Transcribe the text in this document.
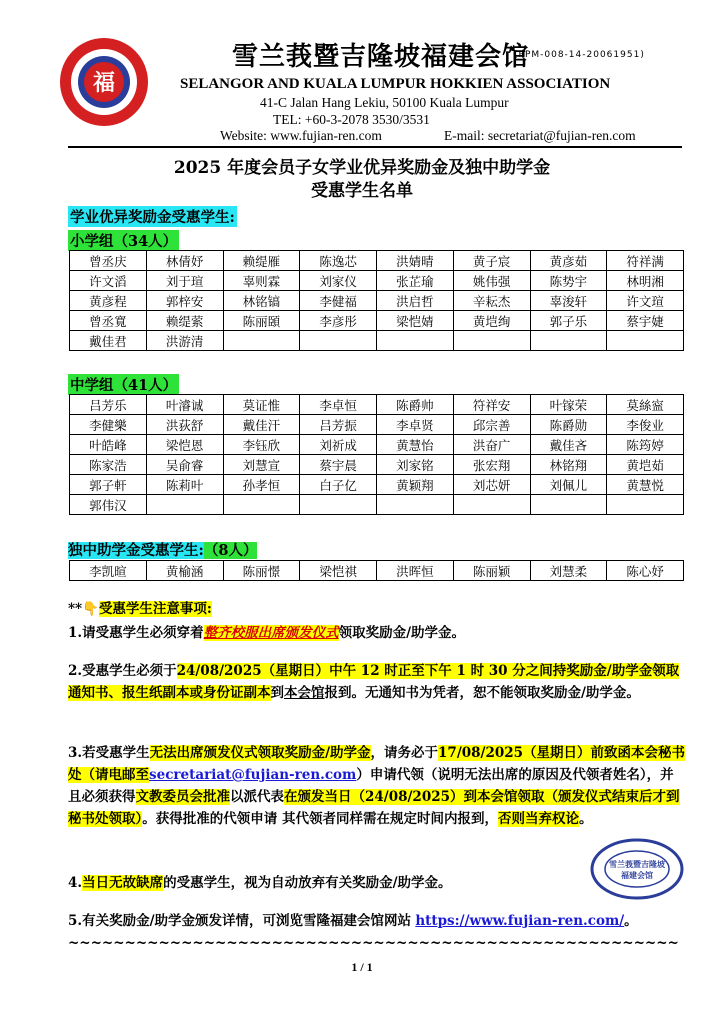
福
雪兰莪暨吉隆坡福建会馆
(PPM-008-14-20061951)
SELANGOR AND KUALA LUMPUR HOKKIEN ASSOCIATION
41-C Jalan Hang Lekiu, 50100 Kuala Lumpur
TEL: +60-3-2078 3530/3531
Website: www.fujian-ren.com	E-mail: secretariat@fujian-ren.com
2025 年度会员子女学业优异奖励金及独中助学金
受惠学生名单
学业优异奖励金受惠学生:
小学组（34人）
曾丞庆	林倩妤	赖缇雁	陈逸芯	洪婧晴	黄子宸	黄彦茹	符祥满
许文滔	刘于瑄	辜则霖	刘家仪	张芷瑜	姚伟强	陈势宇	林明湘
黄彦程	郭梓安	林铭镐	李健福	洪启哲	辛耘杰	辜浚轩	许文瑄
曾丞寬	赖缇萦	陈丽頣	李彦彤	梁恺婧	黄垲绚	郭子乐	蔡宇婕
戴佳君	洪游清						
中学组（41人）
吕芳乐	叶濬诚	莫证惟	李卓恒	陈爵帅	符祥安	叶镓荣	莫絲寍
李健樂	洪荻舒	戴佳汗	吕芳振	李卓贤	邱宗善	陈爵勋	李俊业
叶皓峰	梁恺恩	李钰欣	刘祈成	黄慧怡	洪奋广	戴佳吝	陈筠婷
陈家浩	吴俞睿	刘慧宣	蔡宇晨	刘家铭	张宏翔	林铭翔	黄垲茹
郭子軒	陈莉叶	孙孝恒	白子亿	黄颖翔	刘芯妍	刘佩儿	黄慧悦
郭伟汉							
独中助学金受惠学生:（8人）
李凯暄	黄榆涵	陈丽憬	梁恺祺	洪晖恒	陈丽颖	刘慧柔	陈心妤
**👇受惠学生注意事项:
1.请受惠学生必须穿着整齐校服出席颁发仪式领取奖励金/助学金。
2.受惠学生必须于24/08/2025（星期日）中午 12 时正至下午 1 时 30 分之间持奖励金/助学金领取通知书、报生纸副本或身份证副本到本会馆报到。无通知书为凭者，恕不能领取奖励金/助学金。
3.若受惠学生无法出席颁发仪式领取奖励金/助学金，请务必于17/08/2025（星期日）前致函本会秘书处（请电邮至secretariat@fujian-ren.com）申请代领（说明无法出席的原因及代领者姓名），并且必须获得文教委员会批准以派代表在颁发当日（24/08/2025）到本会馆领取（颁发仪式结束后才到秘书处领取）。获得批准的代领申请 其代领者同样需在规定时间内报到，否则当弃权论。
4.当日无故缺席的受惠学生，视为自动放弃有关奖励金/助学金。
5.有关奖励金/助学金颁发详情，可浏览雪隆福建会馆网站 https://www.fujian-ren.com/。~~~~~~~~~~~~~~~~~~~~~~~~~~~~~~~~~~~~~~~~~~~~~~~~~~~~~~
雪兰莪暨吉隆坡
福建会馆
1 / 1
